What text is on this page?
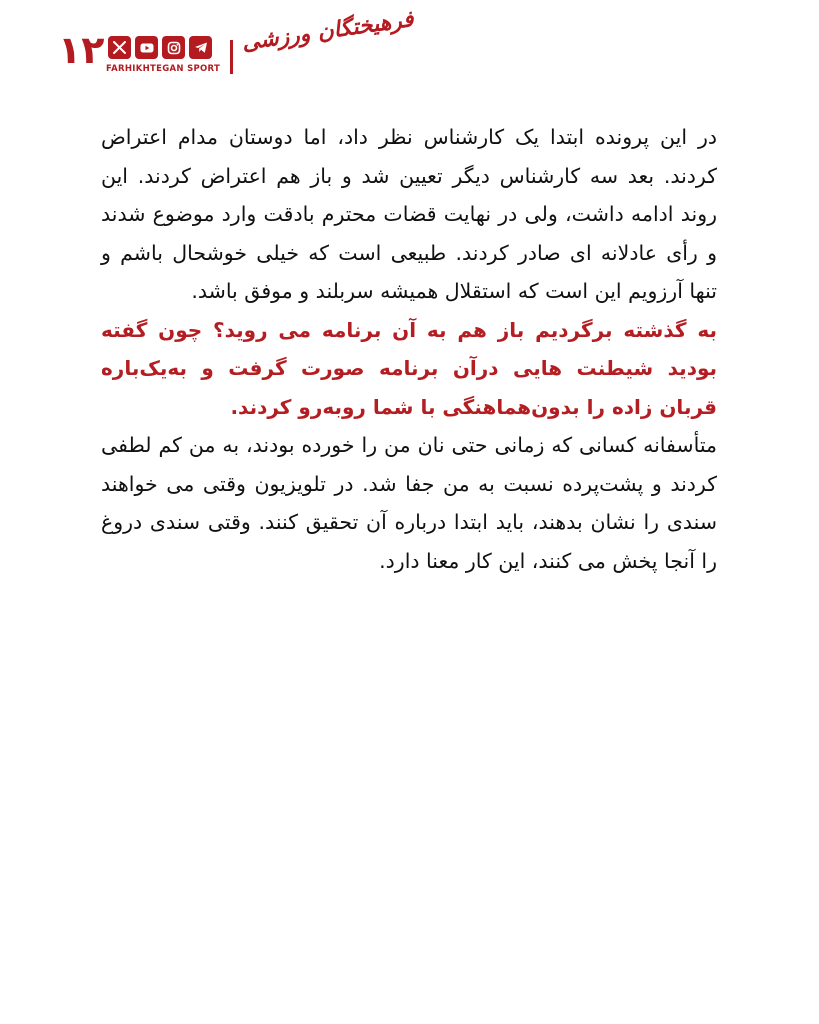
۱۲ FARHIKHTEGAN SPORT
فرهیختگان ورزشی

در این پرونده ابتدا یک کارشناس نظر داد، اما دوستان مدام اعتراض کردند. بعد سه کارشناس دیگر تعیین شد و باز هم اعتراض کردند. این روند ادامه داشت، ولی در نهایت قضات محترم بادقت وارد موضوع شدند و رأی عادلانه ای صادر کردند. طبیعی است که خیلی خوشحال باشم و تنها آرزویم این است که استقلال همیشه سربلند و موفق باشد.

به گذشته برگردیم باز هم به آن برنامه می روید؟ چون گفته بودید شیطنت هایی درآن برنامه صورت گرفت و به‌یک‌باره قربان زاده را بدون‌هماهنگی با شما روبه‌رو کردند.

متأسفانه کسانی که زمانی حتی نان من را خورده بودند، به من کم لطفی کردند و پشت‌پرده نسبت به من جفا شد. در تلویزیون وقتی می خواهند سندی را نشان بدهند، باید ابتدا درباره آن تحقیق کنند. وقتی سندی دروغ را آنجا پخش می کنند، این کار معنا دارد.
